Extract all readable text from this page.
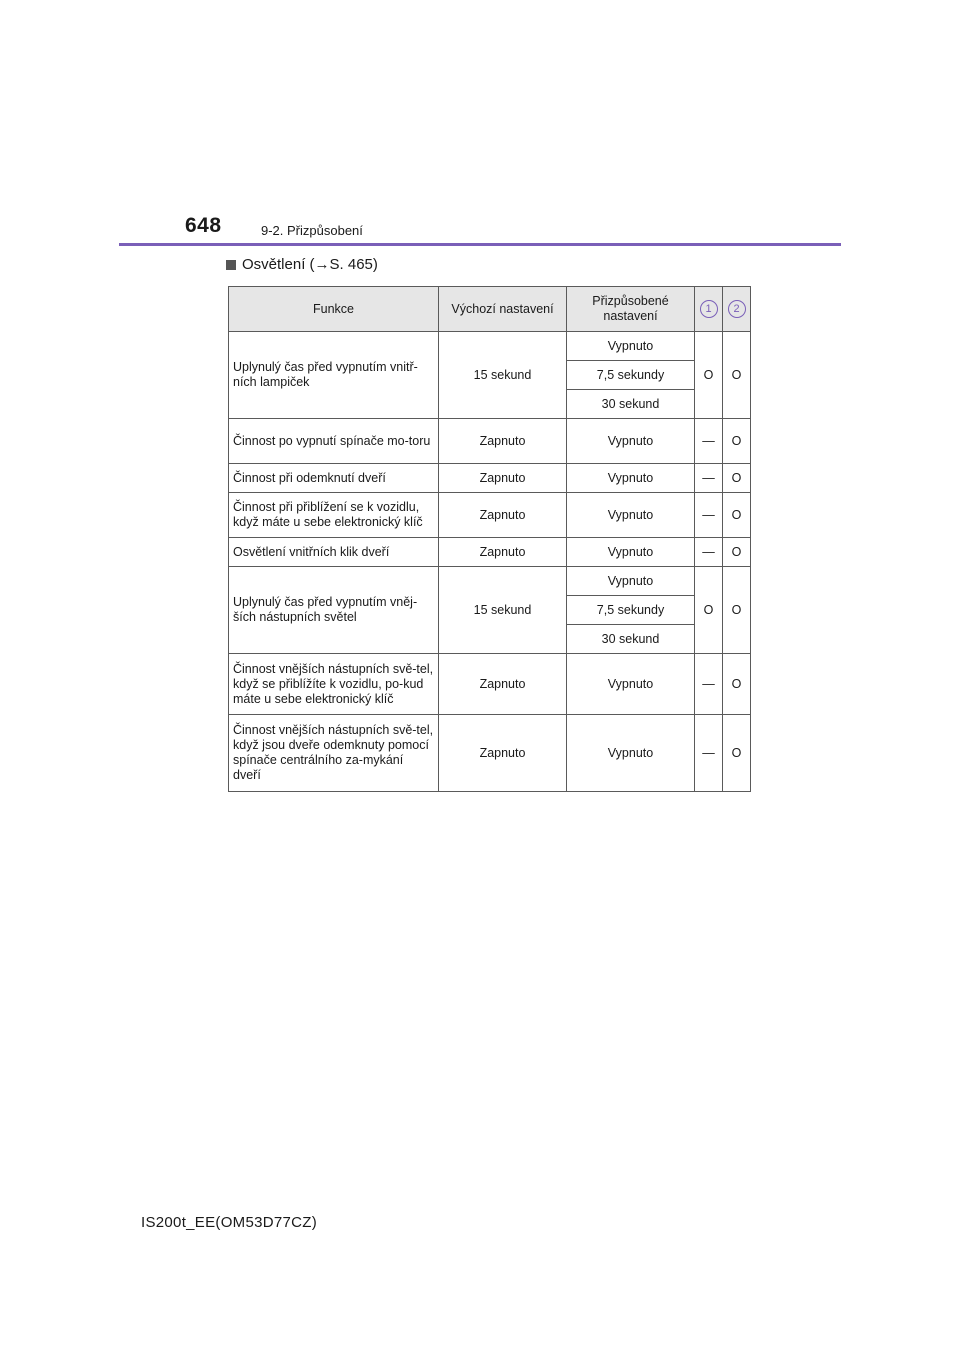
648	9-2. Přizpůsobení
Osvětlení (→S. 465)
Funkce	Výchozí nastavení	Přizpůsobené nastavení	1	2
Uplynulý čas před vypnutím vnitř-ních lampiček	15 sekund	Vypnuto	O	O
		7,5 sekundy		
		30 sekund		
Činnost po vypnutí spínače mo-toru	Zapnuto	Vypnuto	—	O
Činnost při odemknutí dveří	Zapnuto	Vypnuto	—	O
Činnost při přiblížení se k vozidlu, když máte u sebe elektronický klíč	Zapnuto	Vypnuto	—	O
Osvětlení vnitřních klik dveří	Zapnuto	Vypnuto	—	O
Uplynulý čas před vypnutím vněj-ších nástupních světel	15 sekund	Vypnuto	O	O
		7,5 sekundy		
		30 sekund		
Činnost vnějších nástupních svě-tel, když se přiblížíte k vozidlu, po-kud máte u sebe elektronický klíč	Zapnuto	Vypnuto	—	O
Činnost vnějších nástupních svě-tel, když jsou dveře odemknuty pomocí spínače centrálního za-mykání dveří	Zapnuto	Vypnuto	—	O
IS200t_EE(OM53D77CZ)
